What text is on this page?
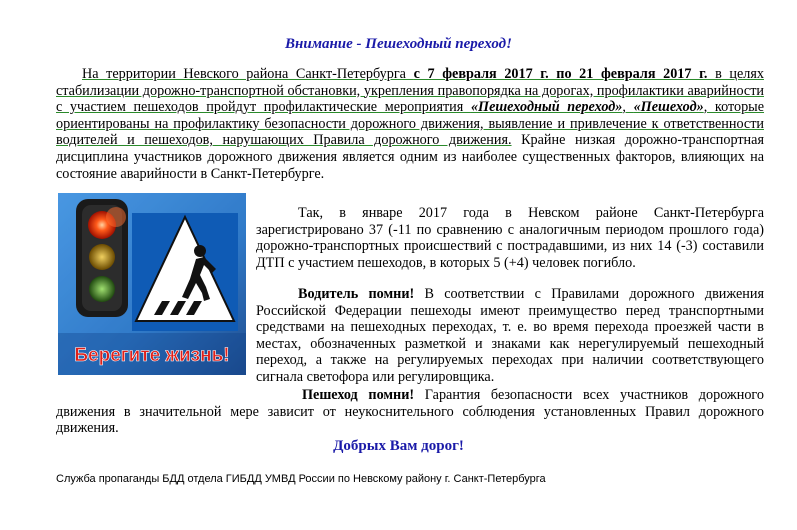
Внимание - Пешеходный переход!
На территории Невского района Санкт-Петербурга с 7 февраля 2017 г. по 21 февраля 2017 г. в целях стабилизации дорожно-транспортной обстановки, укрепления правопорядка на дорогах, профилактики аварийности с участием пешеходов пройдут профилактические мероприятия «Пешеходный переход», «Пешеход», которые ориентированы на профилактику безопасности дорожного движения, выявление и привлечение к ответственности водителей и пешеходов, нарушающих Правила дорожного движения. Крайне низкая дорожно-транспортная дисциплина участников дорожного движения является одним из наиболее существенных факторов, влияющих на состояние аварийности в Санкт-Петербурге.
Берегите жизнь!
Так, в январе 2017 года в Невском районе Санкт-Петербурга зарегистрировано 37 (-11 по сравнению с аналогичным периодом прошлого года) дорожно-транспортных происшествий с пострадавшими, из них 14 (-3) составили ДТП с участием пешеходов, в которых 5 (+4) человек погибло.
Водитель помни! В соответствии с Правилами дорожного движения Российской Федерации пешеходы имеют преимущество перед транспортными средствами на пешеходных переходах, т. е. во время перехода проезжей части в местах, обозначенных разметкой и знаками как нерегулируемый пешеходный переход, а также на регулируемых переходах при наличии соответствующего сигнала светофора или регулировщика.
Пешеход помни! Гарантия безопасности всех участников дорожного движения в значительной мере зависит от неукоснительного соблюдения установленных Правил дорожного движения.
Добрых Вам дорог!
Служба пропаганды БДД отдела ГИБДД УМВД России по Невскому району г. Санкт-Петербурга
